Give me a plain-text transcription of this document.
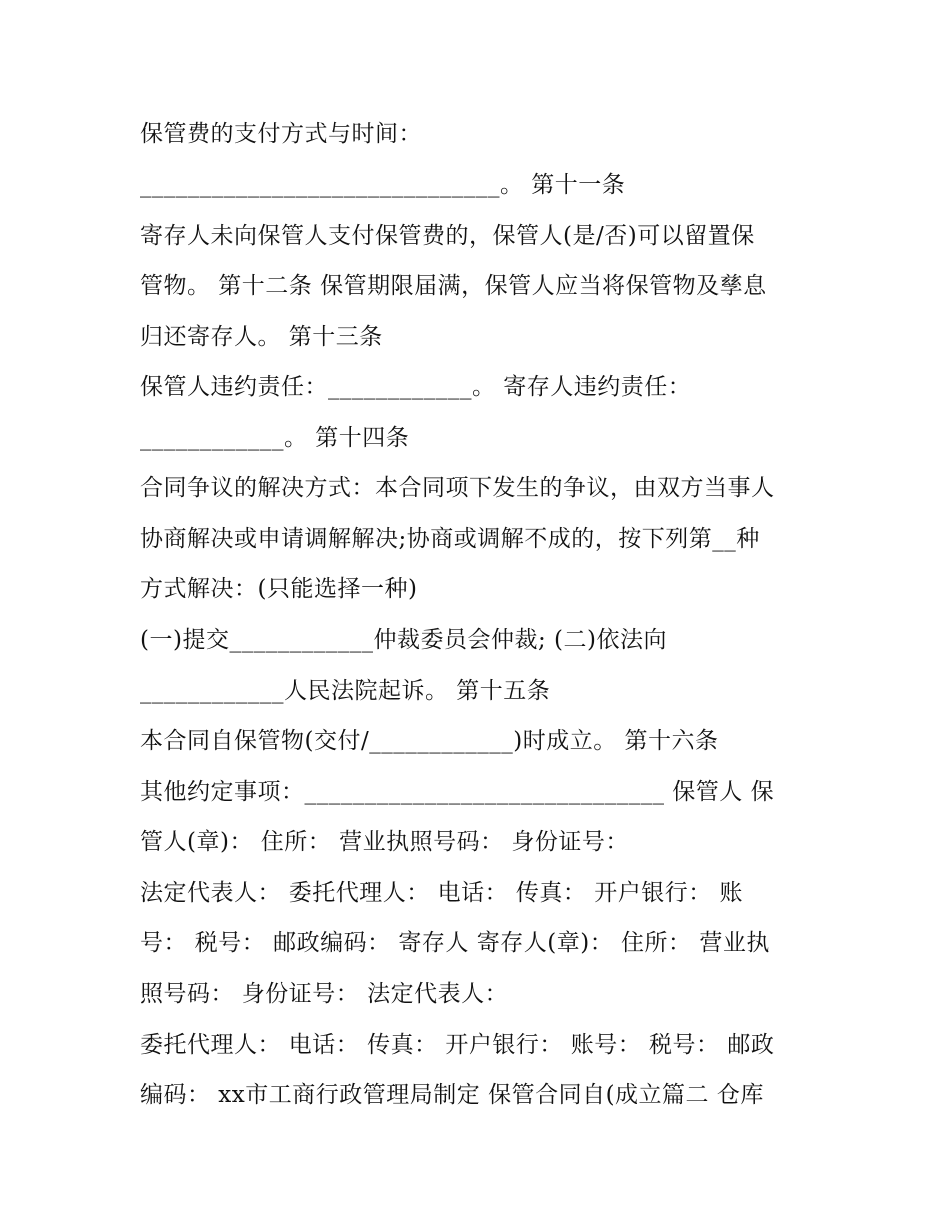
保管费的支付方式与时间：
______________________________。 第十一条
寄存人未向保管人支付保管费的，保管人(是/否)可以留置保
管物。 第十二条 保管期限届满，保管人应当将保管物及孳息
归还寄存人。 第十三条
保管人违约责任：____________。 寄存人违约责任：
____________。 第十四条
合同争议的解决方式：本合同项下发生的争议，由双方当事人
协商解决或申请调解解决;协商或调解不成的，按下列第__种
方式解决：(只能选择一种)
(一)提交____________仲裁委员会仲裁; (二)依法向
____________人民法院起诉。 第十五条
本合同自保管物(交付/____________)时成立。 第十六条
其他约定事项：______________________________ 保管人 保
管人(章)： 住所： 营业执照号码： 身份证号：
法定代表人： 委托代理人： 电话： 传真： 开户银行： 账
号： 税号： 邮政编码： 寄存人 寄存人(章)： 住所： 营业执
照号码： 身份证号： 法定代表人：
委托代理人： 电话： 传真： 开户银行： 账号： 税号： 邮政
编码： xx市工商行政管理局制定 保管合同自(成立篇二 仓库
